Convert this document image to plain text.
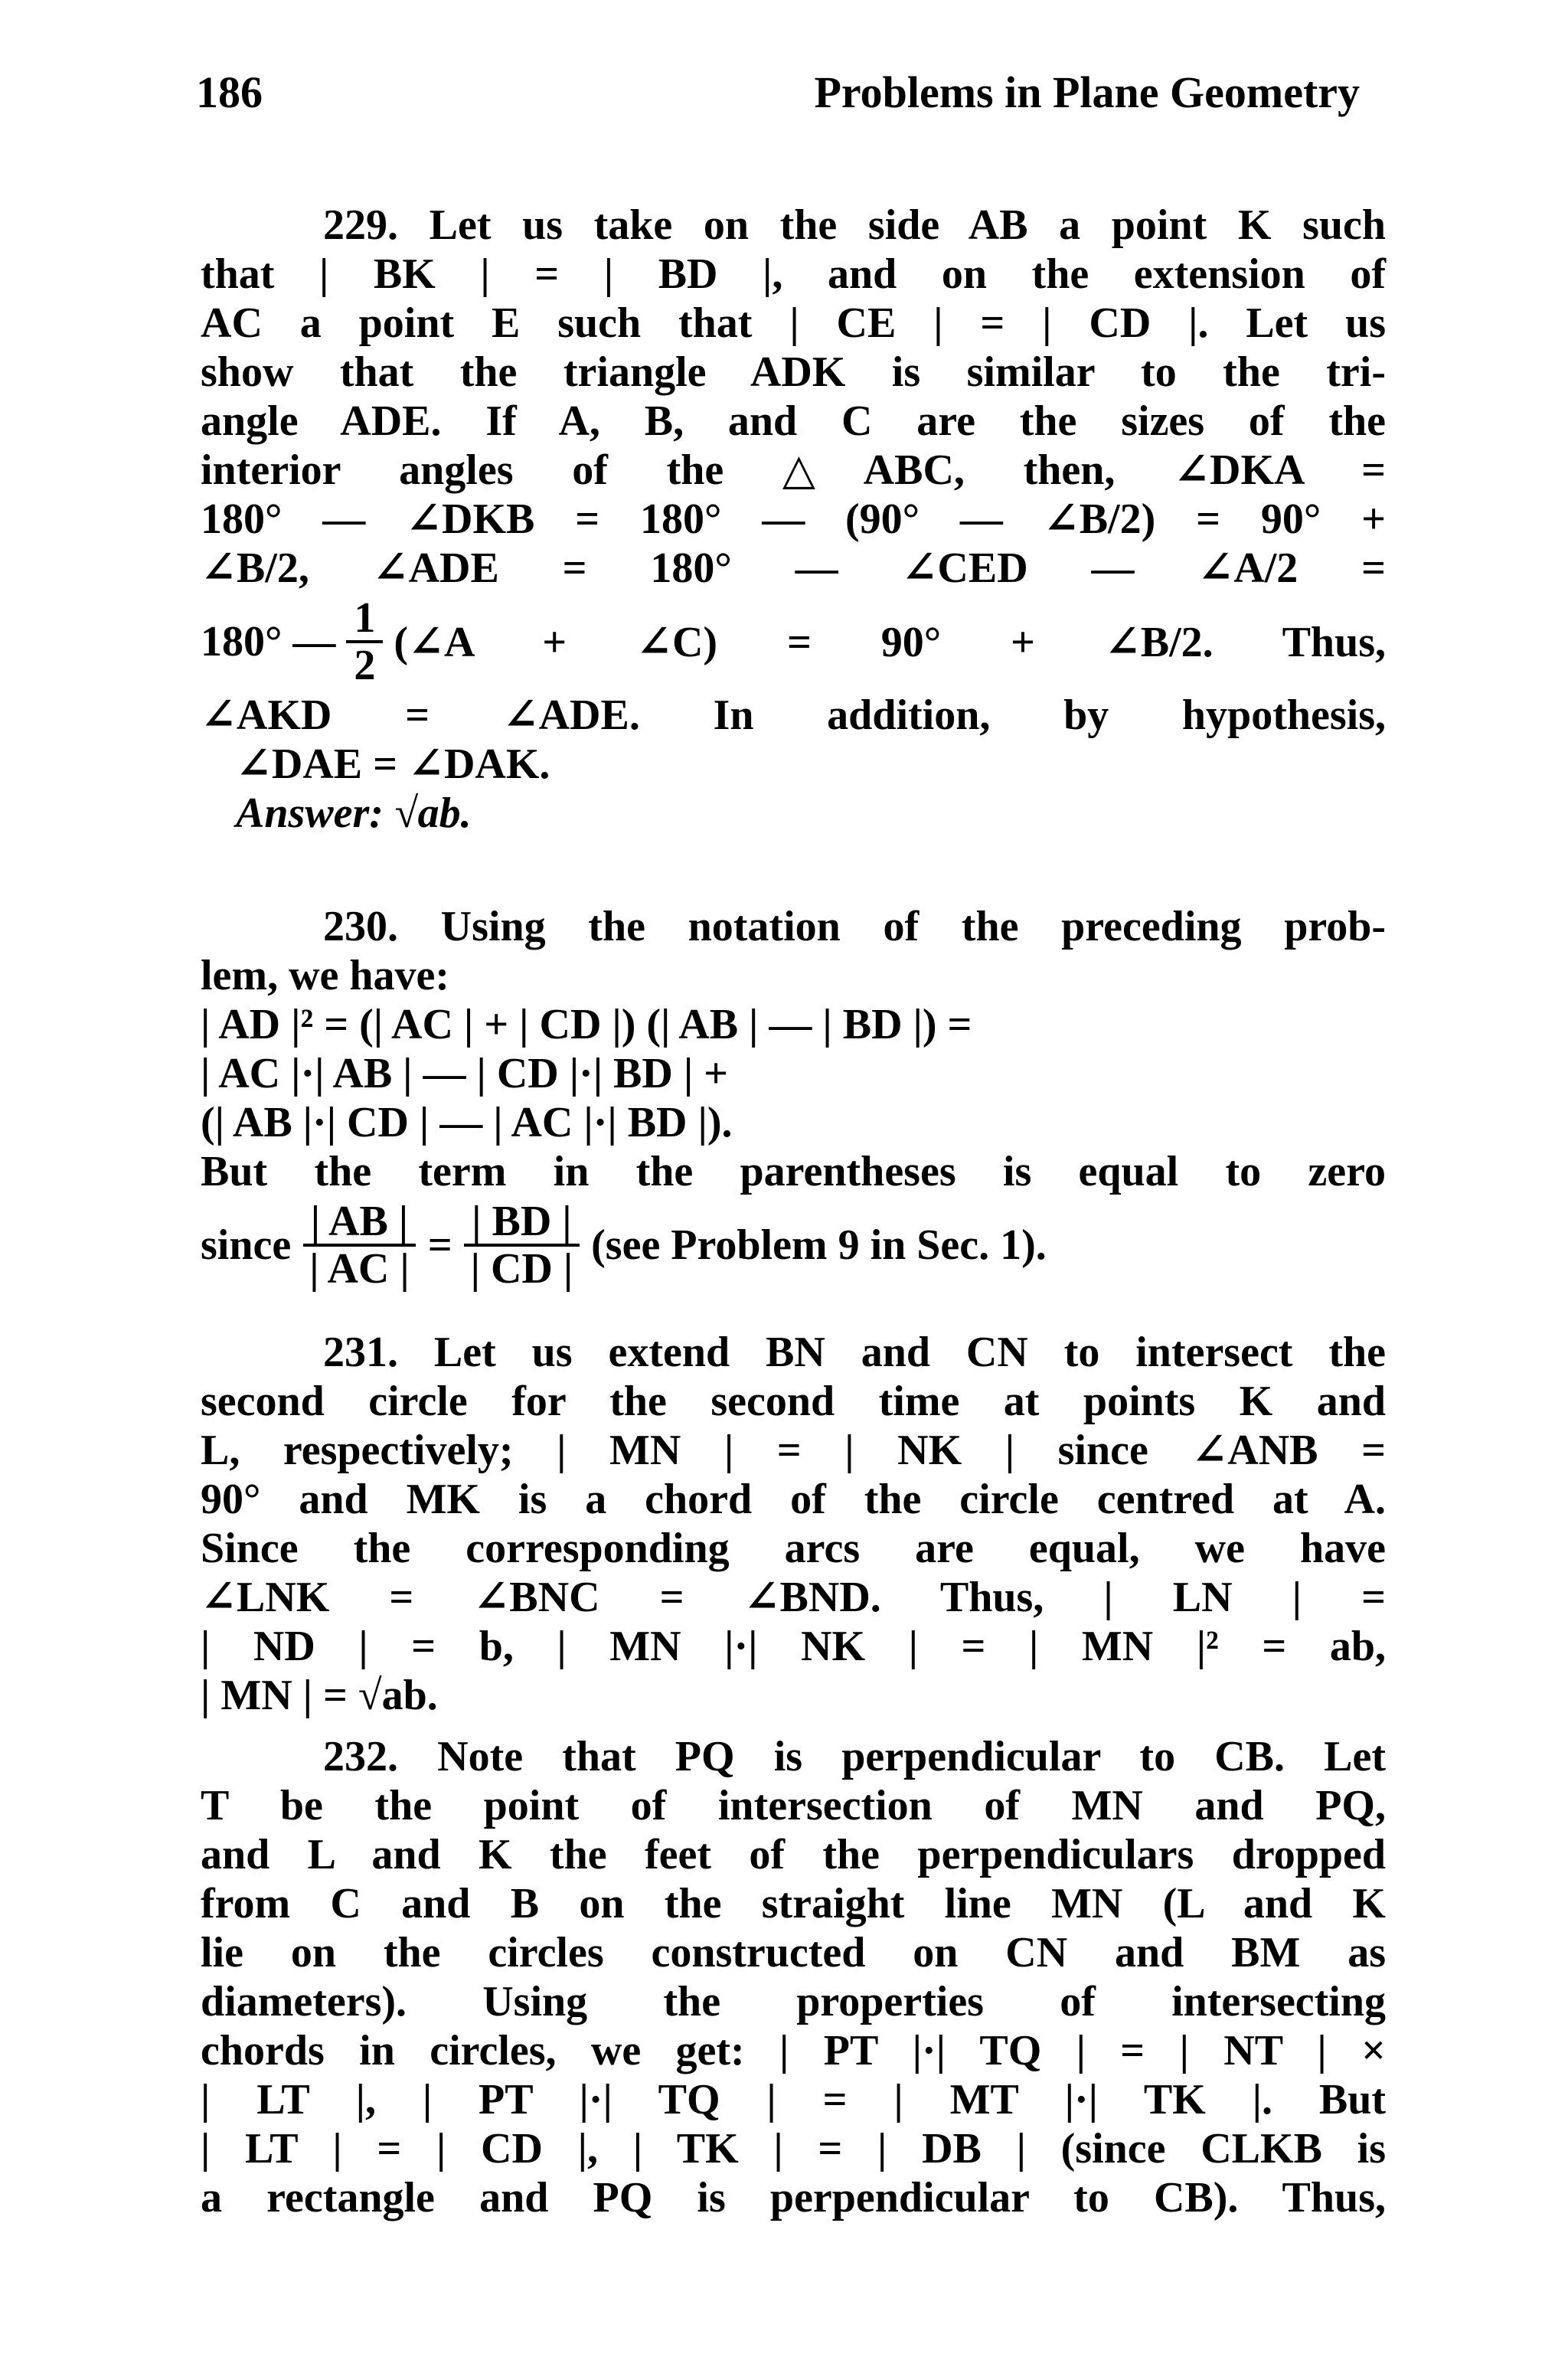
186	Problems in Plane Geometry
229. Let us take on the side AB a point K such
that | BK | = | BD |, and on the extension of
AC a point E such that | CE | = | CD |. Let us
show that the triangle ADK is similar to the tri-
angle ADE. If A, B, and C are the sizes of the
interior angles of the △ABC, then, ∠DKA =
180° — ∠DKB = 180° — (90° — ∠B/2) = 90° +
∠B/2, ∠ADE = 180° — ∠CED — ∠A/2 =
180° — $\frac{1}{2}$ (∠A + ∠C) = 90° + ∠B/2. Thus,
∠AKD = ∠ADE. In addition, by hypothesis,
∠DAE = ∠DAK.
Answer: √ab.
230. Using the notation of the preceding prob-
lem, we have:
| AD |² = (| AC | + | CD |) (| AB | — | BD |) =
| AC |·| AB | — | CD |·| BD | +
(| AB |·| CD | — | AC |·| BD |).
But the term in the parentheses is equal to zero
since $\frac{| AB |}{| AC |} = \frac{| BD |}{| CD |} (see$ Problem 9 in Sec. 1).
231. Let us extend BN and CN to intersect the
second circle for the second time at points K and
L, respectively; | MN | = | NK | since ∠ANB =
90° and MK is a chord of the circle centred at A.
Since the corresponding arcs are equal, we have
∠LNK = ∠BNC = ∠BND. Thus, | LN | =
| ND | = b, | MN |·| NK | = | MN |² = ab,
| MN | = √ab.
232. Note that PQ is perpendicular to CB. Let
T be the point of intersection of MN and PQ,
and L and K the feet of the perpendiculars dropped
from C and B on the straight line MN (L and K
lie on the circles constructed on CN and BM as
diameters). Using the properties of intersecting
chords in circles, we get: | PT |·| TQ | = | NT | ×
| LT |, | PT |·| TQ | = | MT |·| TK |. But
| LT | = | CD |, | TK | = | DB | (since CLKB is
a rectangle and PQ is perpendicular to CB). Thus,
